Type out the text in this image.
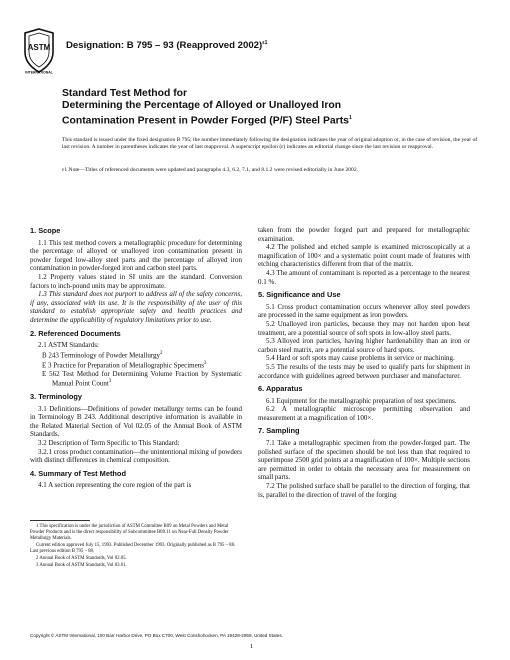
ASTM
INTERNATIONAL
Designation: B 795 – 93 (Reapproved 2002)$^{\varepsilon 1}$
Standard Test Method for
Determining the Percentage of Alloyed or Unalloyed Iron
Contamination Present in Powder Forged (P/F) Steel Parts$^1$
This standard is issued under the fixed designation B 795; the number immediately following the designation indicates the year of original adoption or, in the case of revision, the year of last revision. A number in parentheses indicates the year of last reapproval. A superscript epsilon (ε) indicates an editorial change since the last revision or reapproval.
ε1 Note—Titles of referenced documents were updated and paragraphs 4.3, 6.2, 7.1, and 8.1.2 were revised editorially in June 2002.

1. Scope

1.1 This test method covers a metallographic procedure for determining the percentage of alloyed or unalloyed iron contamination present in powder forged low-alloy steel parts and the percentage of alloyed iron contamination in powder-forged iron and carbon steel parts.

1.2 Property values stated in SI units are the standard. Conversion factors to inch-pound units may be approximate.

1.3 This standard does not purport to address all of the safety concerns, if any, associated with its use. It is the responsibility of the user of this standard to establish appropriate safety and health practices and determine the applicability of regulatory limitations prior to use.

2. Referenced Documents

2.1 ASTM Standards:

B 243 Terminology of Powder Metallurgy$^2$

E 3 Practice for Preparation of Metallographic Specimens$^3$

E 562 Test Method for Determining Volume Fraction by Systematic Manual Point Count$^3$

3. Terminology

3.1 Definitions—Definitions of powder metallurgy terms can be found in Terminology B 243. Additional descriptive information is available in the Related Material Section of Vol 02.05 of the Annual Book of ASTM Standards.

3.2 Description of Term Specific to This Standard:

3.2.1 cross product contamination—the unintentional mixing of powders with distinct differences in chemical composition.

4. Summary of Test Method

4.1 A section representing the core region of the part is

taken from the powder forged part and prepared for metallographic examination.

4.2 The polished and etched sample is examined microscopically at a magnification of 100× and a systematic point count made of features with etching characteristics different from that of the matrix.

4.3 The amount of contaminant is reported as a percentage to the nearest 0.1 %.

5. Significance and Use

5.1 Cross product contamination occurs whenever alloy steel powders are processed in the same equipment as iron powders.

5.2 Unalloyed iron particles, because they may not harden upon heat treatment, are a potential source of soft spots in low-alloy steel parts.

5.3 Alloyed iron particles, having higher hardenability than an iron or carbon steel matrix, are a potential source of hard spots.

5.4 Hard or soft spots may cause problems in service or machining.

5.5 The results of the tests may be used to qualify parts for shipment in accordance with guidelines agreed between purchaser and manufacturer.

6. Apparatus

6.1 Equipment for the metallographic preparation of test specimens.

6.2 A metallographic microscope permitting observation and measurement at a magnification of 100×.

7. Sampling

7.1 Take a metallographic specimen from the powder-forged part. The polished surface of the specimen should be not less than that required to superimpose 2500 grid points at a magnification of 100×. Multiple sections are permitted in order to obtain the necessary area for measurement on small parts.

7.2 The polished surface shall be parallel to the direction of forging, that is, parallel to the direction of travel of the forging

1 This specification is under the jurisdiction of ASTM Committee B09 on Metal Powders and Metal Powder Products and is the direct responsibility of Subcommittee B09.11 on Near-Full Density Powder Metallurgy Materials.

Current edition approved July 15, 1993. Published December 1993. Originally published as B 795 – 88. Last previous edition B 795 – 88.

2 Annual Book of ASTM Standards, Vol 02.05.

3 Annual Book of ASTM Standards, Vol 03.01.

Copyright © ASTM International, 100 Barr Harbor Drive, PO Box C700, West Conshohocken, PA 19428-2959, United States.
1
